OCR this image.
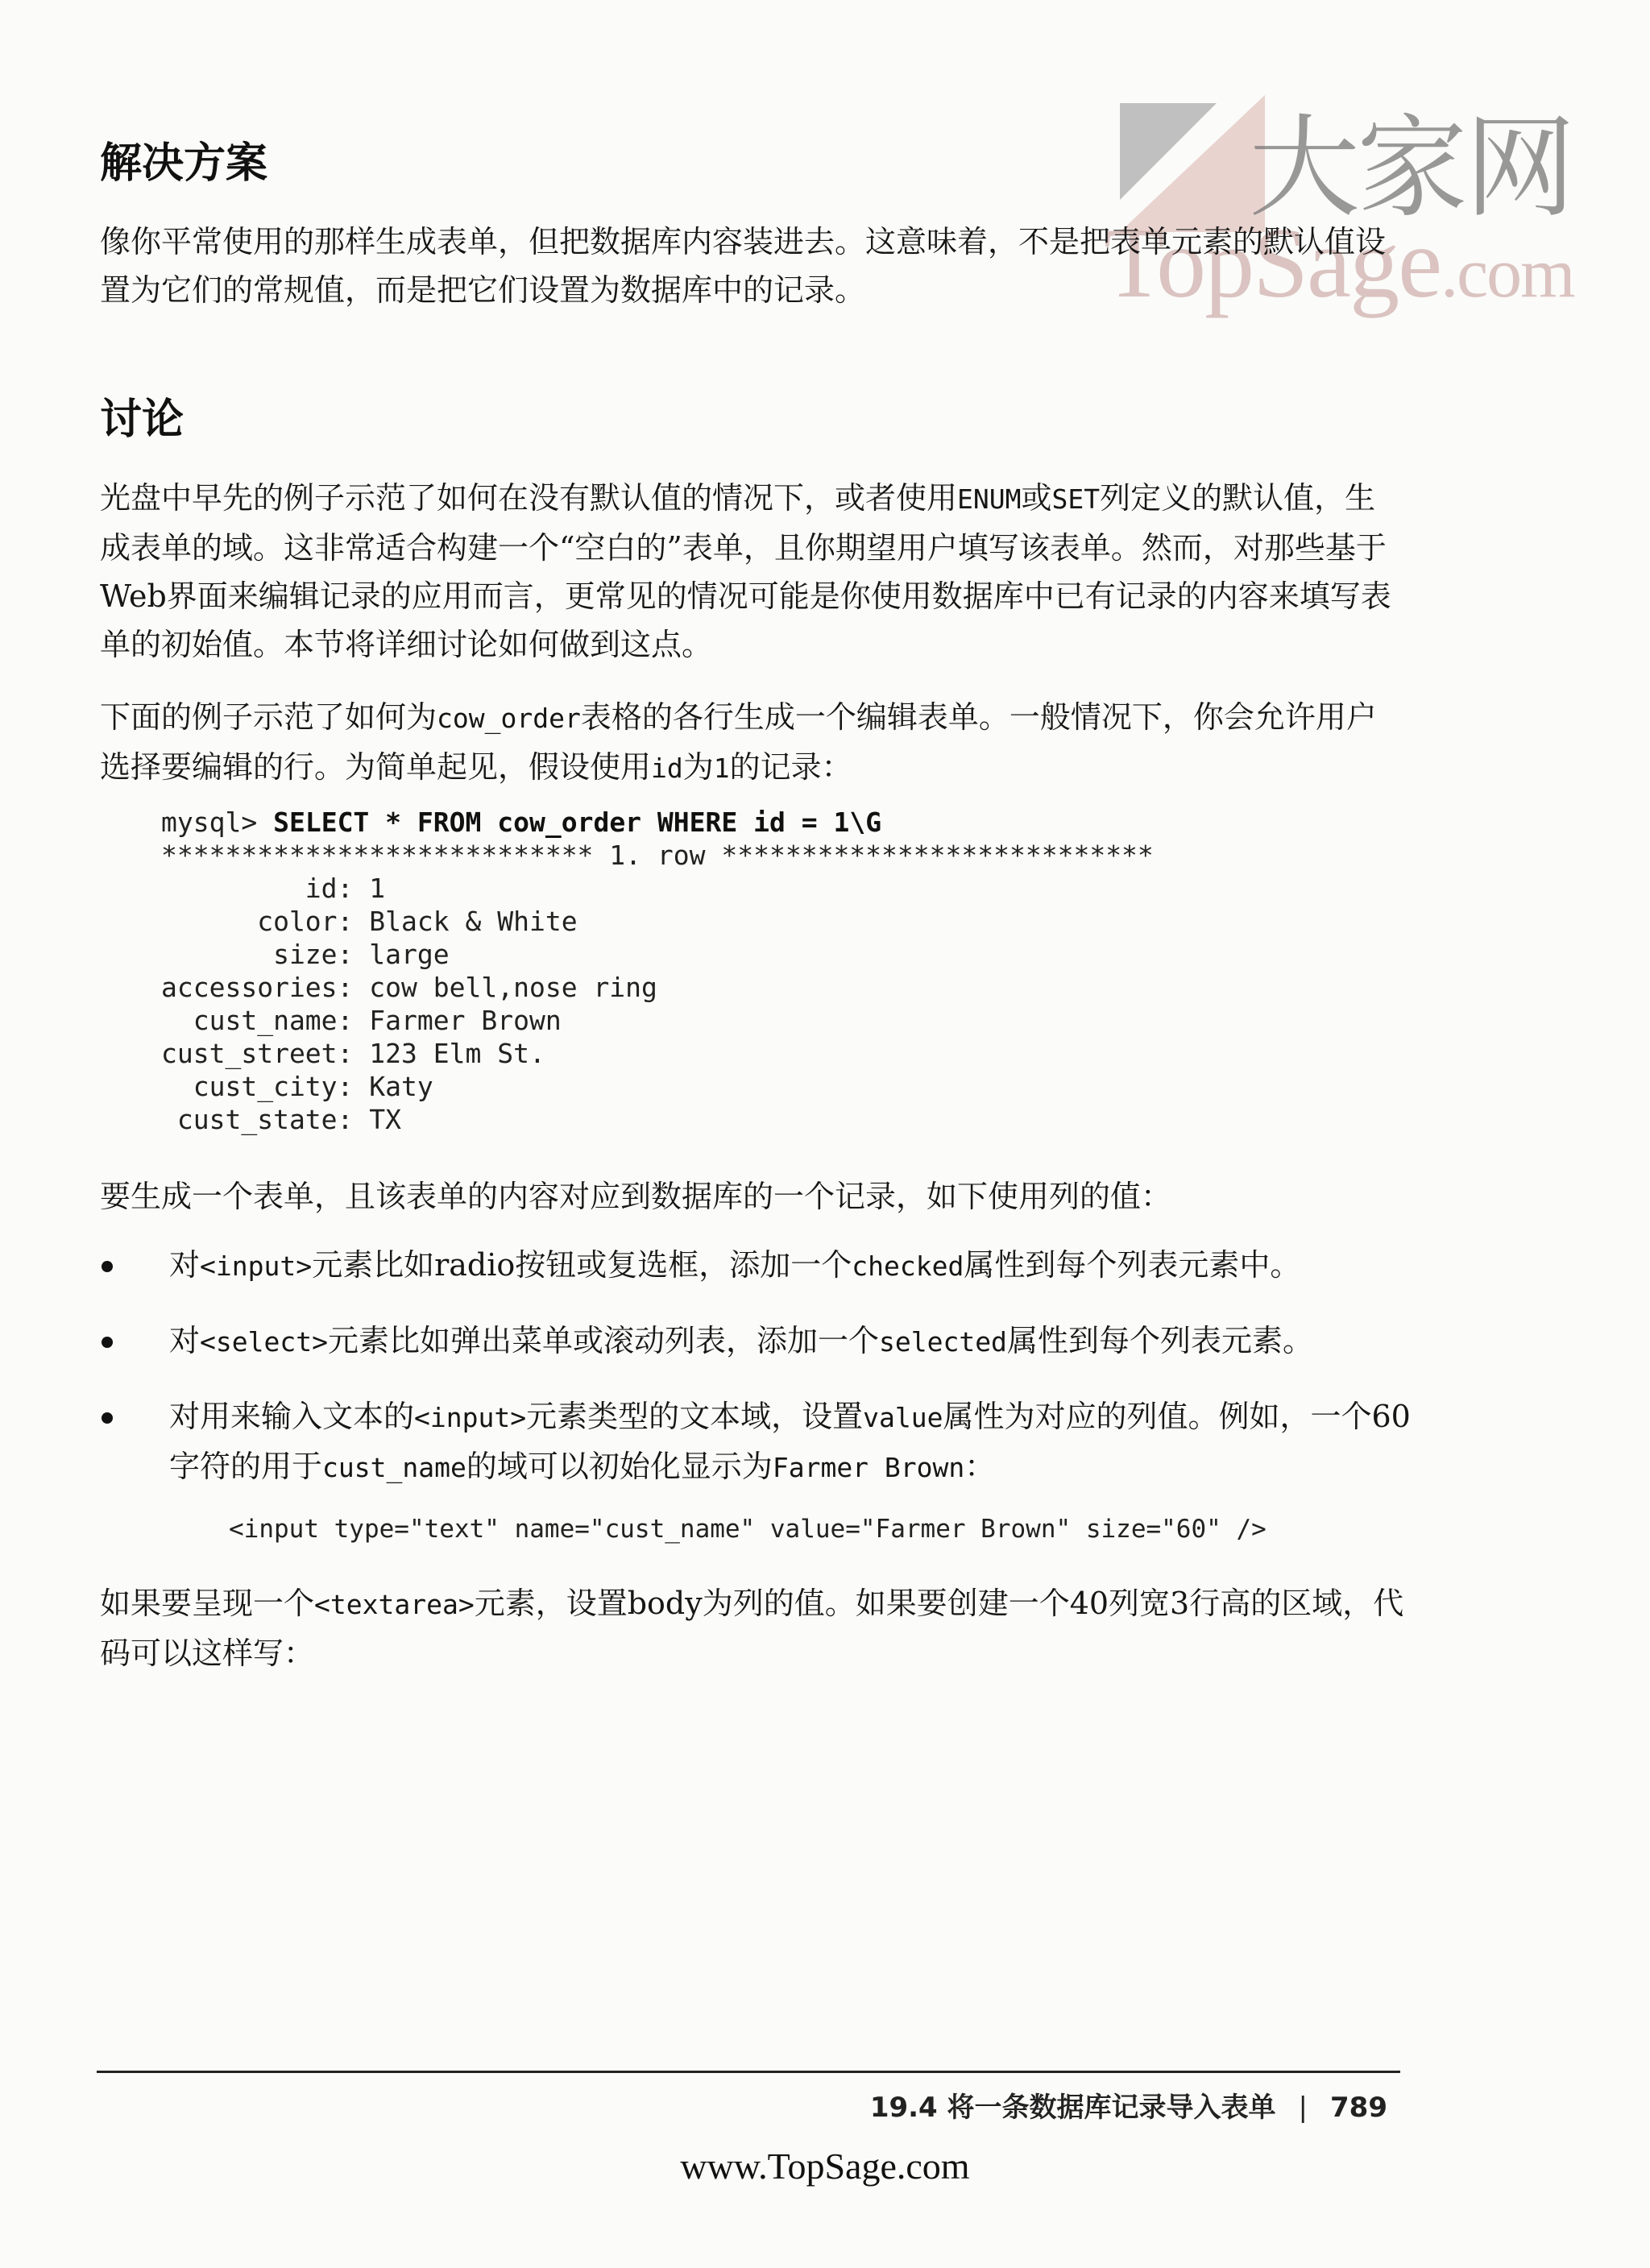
大家网
TopSage.com
解决方案

像你平常使用的那样生成表单，但把数据库内容装进去。这意味着，不是把表单元素的默认值设置为它们的常规值，而是把它们设置为数据库中的记录。

讨论

光盘中早先的例子示范了如何在没有默认值的情况下，或者使用ENUM或SET列定义的默认值，生成表单的域。这非常适合构建一个“空白的”表单，且你期望用户填写该表单。然而，对那些基于Web界面来编辑记录的应用而言，更常见的情况可能是你使用数据库中已有记录的内容来填写表单的初始值。本节将详细讨论如何做到这点。

下面的例子示范了如何为cow_order表格的各行生成一个编辑表单。一般情况下，你会允许用户选择要编辑的行。为简单起见，假设使用id为1的记录：

mysql> SELECT * FROM cow_order WHERE id = 1\G
*************************** 1. row ***************************
id: 1
color: Black & White
size: large
accessories: cow bell,nose ring
cust_name: Farmer Brown
cust_street: 123 Elm St.
cust_city: Katy
cust_state: TX

要生成一个表单，且该表单的内容对应到数据库的一个记录，如下使用列的值：

对<input>元素比如radio按钮或复选框，添加一个checked属性到每个列表元素中。
对<select>元素比如弹出菜单或滚动列表，添加一个selected属性到每个列表元素。
对用来输入文本的<input>元素类型的文本域，设置value属性为对应的列值。例如，一个60字符的用于cust_name的域可以初始化显示为Farmer Brown：
<input type="text" name="cust_name" value="Farmer Brown" size="60" />

如果要呈现一个<textarea>元素，设置body为列的值。如果要创建一个40列宽3行高的区域，代码可以这样写：

19.4 将一条数据库记录导入表单 | 789
www.TopSage.com
